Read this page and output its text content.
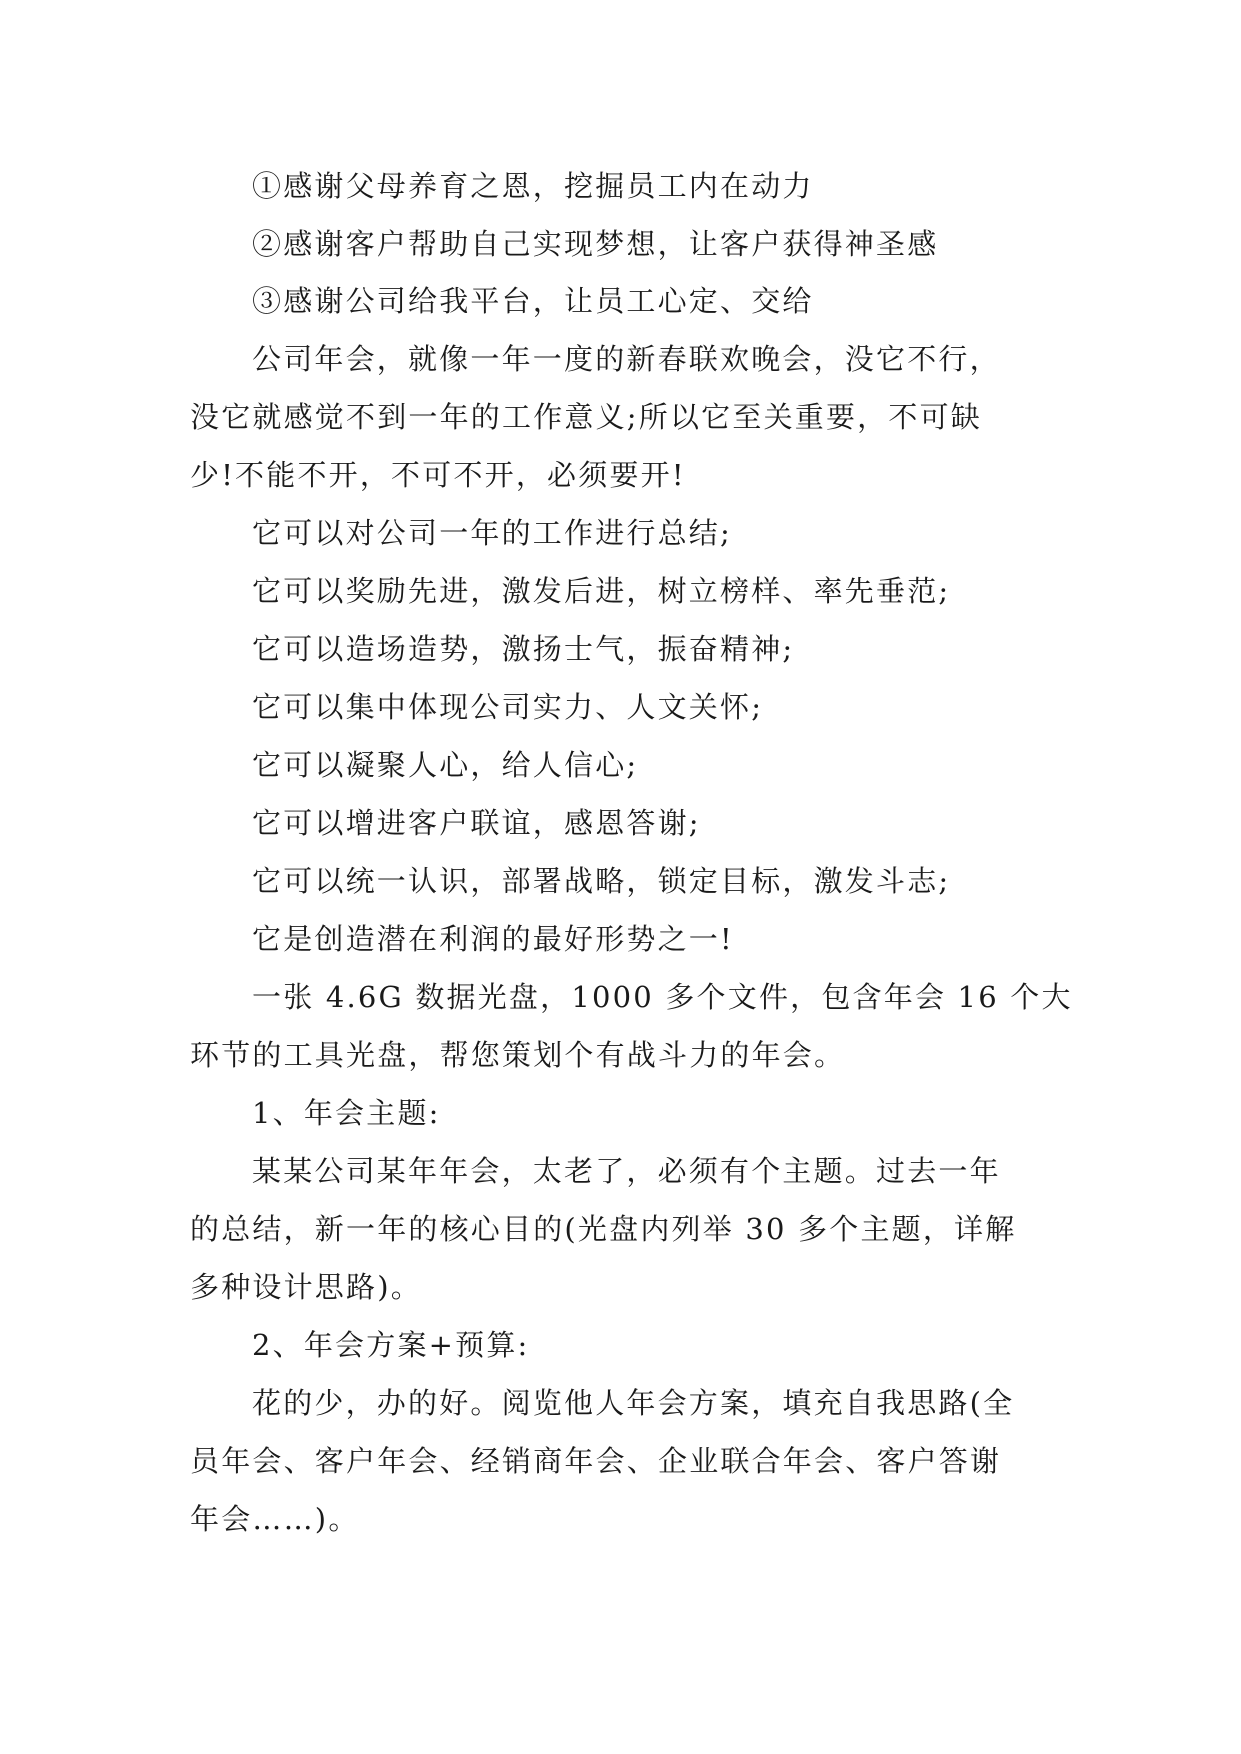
①感谢父母养育之恩，挖掘员工内在动力
②感谢客户帮助自己实现梦想，让客户获得神圣感
③感谢公司给我平台，让员工心定、交给
公司年会，就像一年一度的新春联欢晚会，没它不行，
没它就感觉不到一年的工作意义;所以它至关重要，不可缺
少!不能不开，不可不开，必须要开!
它可以对公司一年的工作进行总结;
它可以奖励先进，激发后进，树立榜样、率先垂范;
它可以造场造势，激扬士气，振奋精神;
它可以集中体现公司实力、人文关怀;
它可以凝聚人心，给人信心;
它可以增进客户联谊，感恩答谢;
它可以统一认识，部署战略，锁定目标，激发斗志;
它是创造潜在利润的最好形势之一!
一张 4.6G 数据光盘，1000 多个文件，包含年会 16 个大
环节的工具光盘，帮您策划个有战斗力的年会。
1、年会主题:
某某公司某年年会，太老了，必须有个主题。过去一年
的总结，新一年的核心目的(光盘内列举 30 多个主题，详解
多种设计思路)。
2、年会方案+预算:
花的少，办的好。阅览他人年会方案，填充自我思路(全
员年会、客户年会、经销商年会、企业联合年会、客户答谢
年会……)。
